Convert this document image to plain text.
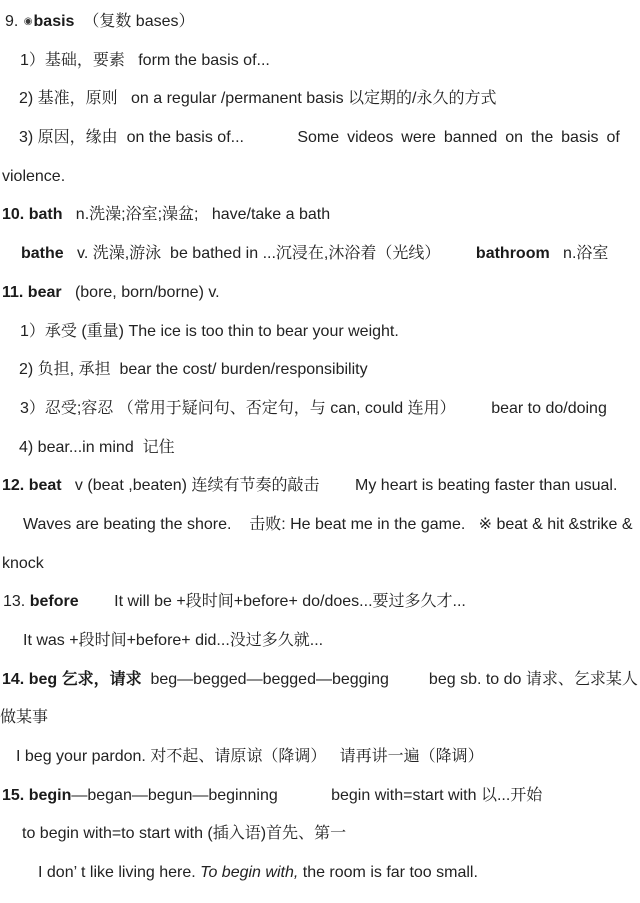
9. ◉basis  （复数 bases）
1）基础，要素   form the basis of...
2) 基准，原则   on a regular /permanent basis 以定期的/永久的方式
3) 原因，缘由  on the basis of...	Some videos were banned on the basis of
violence.
10. bath   n.洗澡;浴室;澡盆;   have/take a bath
bathe   v. 洗澡,游泳  be bathed in ...沉浸在,沐浴着（光线） bathroom   n.浴室
11. bear   (bore, born/borne) v.
1）承受 (重量) The ice is too thin to bear your weight.
2) 负担, 承担  bear the cost/ burden/responsibility
3）忍受;容忍 （常用于疑问句、否定句，与 can, could 连用） bear to do/doing
4) bear...in mind  记住
12. beat   v (beat ,beaten) 连续有节奏的敲击 My heart is beating faster than usual.
Waves are beating the shore.    击败: He beat me in the game.   ※ beat & hit &strike &
knock
13. before        It will be +段时间+before+ do/does...要过多久才...
It was +段时间+before+ did...没过多久就...
14. beg 乞求，请求  beg—begged—begged—begging	beg sb. to do 请求、乞求某人
做某事
I beg your pardon. 对不起、请原谅（降调）   请再讲一遍（降调）
15. begin—began—begun—beginning	begin with=start with 以...开始
to begin with=to start with (插入语)首先、第一
I don’ t like living here. To begin with, the room is far too small.
